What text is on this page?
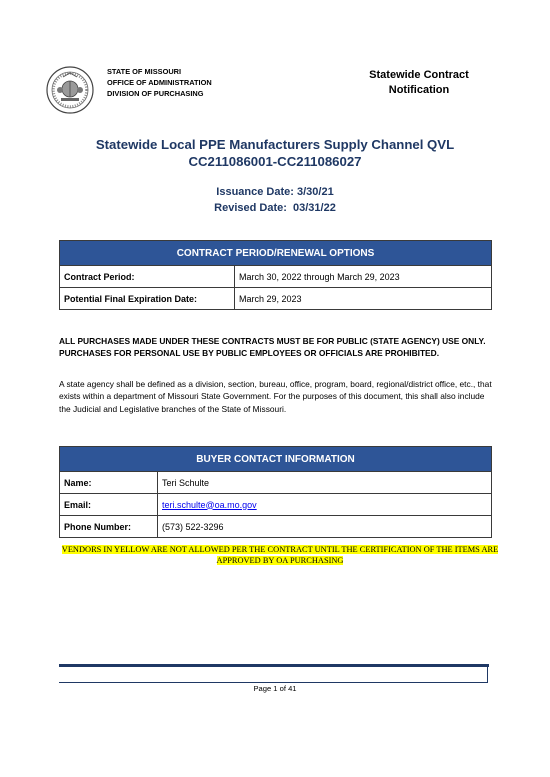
STATE OF MISSOURI
OFFICE OF ADMINISTRATION
DIVISION OF PURCHASING
Statewide Contract
Notification
Statewide Local PPE Manufacturers Supply Channel QVL
CC211086001-CC211086027
Issuance Date: 3/30/21
Revised Date:  03/31/22
CONTRACT PERIOD/RENEWAL OPTIONS	
Contract Period:	March 30, 2022 through March 29, 2023
Potential Final Expiration Date:	March 29, 2023
ALL PURCHASES MADE UNDER THESE CONTRACTS MUST BE FOR PUBLIC (STATE AGENCY) USE ONLY. PURCHASES FOR PERSONAL USE BY PUBLIC EMPLOYEES OR OFFICIALS ARE PROHIBITED.
A state agency shall be defined as a division, section, bureau, office, program, board, regional/district office, etc., that exists within a department of Missouri State Government. For the purposes of this document, this shall also include the Judicial and Legislative branches of the State of Missouri.
BUYER CONTACT INFORMATION	
Name:	Teri Schulte
Email:	teri.schulte@oa.mo.gov
Phone Number:	(573) 522-3296
VENDORS IN YELLOW ARE NOT ALLOWED PER THE CONTRACT UNTIL THE CERTIFICATION OF THE ITEMS ARE APPROVED BY OA PURCHASING
Page 1 of 41
